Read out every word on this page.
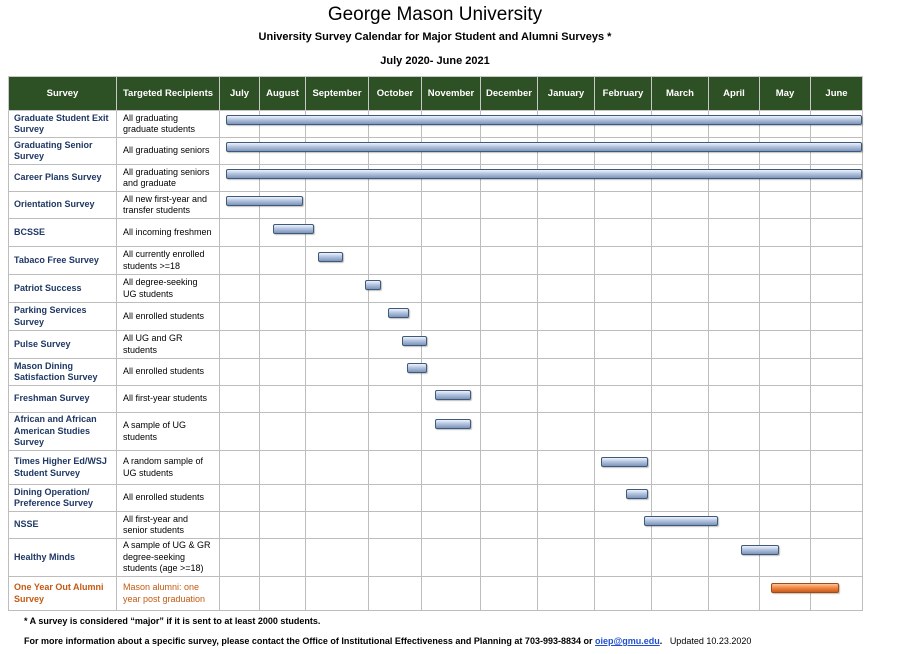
George Mason University
University Survey Calendar for Major Student and Alumni Surveys *
July 2020- June 2021
Survey	Targeted Recipients	July	August	September	October	November	December	January	February	March	April	May	June
Graduate Student Exit Survey	All graduating graduate students												
Graduating Senior Survey	All graduating seniors												
Career Plans Survey	All graduating seniors and graduate												
Orientation Survey	All new first-year and transfer students												
BCSSE	All incoming freshmen												
Tabaco Free Survey	All currently enrolled students >=18												
Patriot Success	All degree-seeking UG students												
Parking Services Survey	All enrolled students												
Pulse Survey	All UG and GR students												
Mason Dining Satisfaction Survey	All enrolled students												
Freshman Survey	All first-year students												
African and African American Studies Survey	A sample of UG students												
Times Higher Ed/WSJ Student Survey	A random sample of UG students												
Dining Operation/ Preference Survey	All enrolled students												
NSSE	All first-year and senior students												
Healthy Minds	A sample of UG & GR degree-seeking students (age >=18)												
One Year Out Alumni Survey	Mason alumni: one year post graduation												
* A survey is considered “major” if it is sent to at least 2000 students.
For more information about a specific survey, please contact the Office of Institutional Effectiveness and Planning at 703-993-8834 or oiep@gmu.edu. Updated 10.23.2020
